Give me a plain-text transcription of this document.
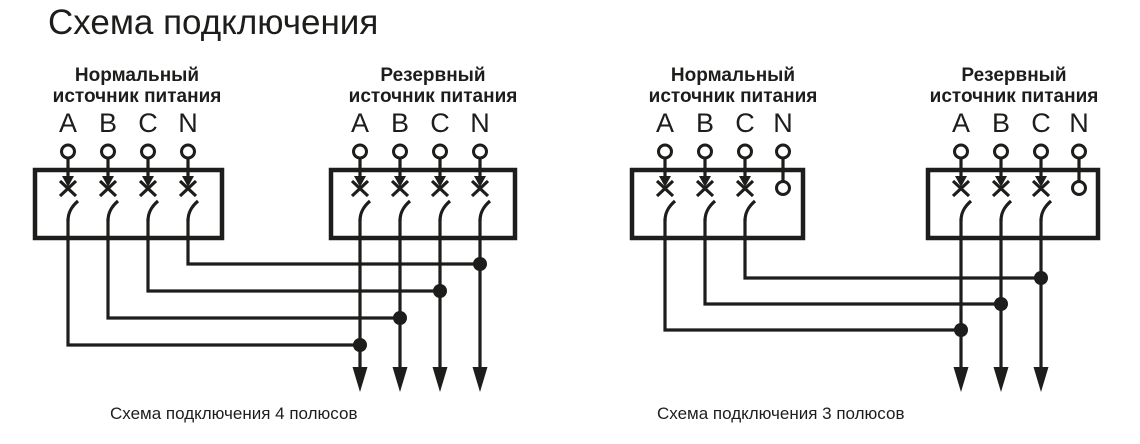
Схема подключения
Нормальный
источник питания
Резервный
источник питания
A B C N	A B C N
Схема подключения 4 полюсов
Нормальный
источник питания
Резервный
источник питания
A B C N	A B C N
Схема подключения 3 полюсов
